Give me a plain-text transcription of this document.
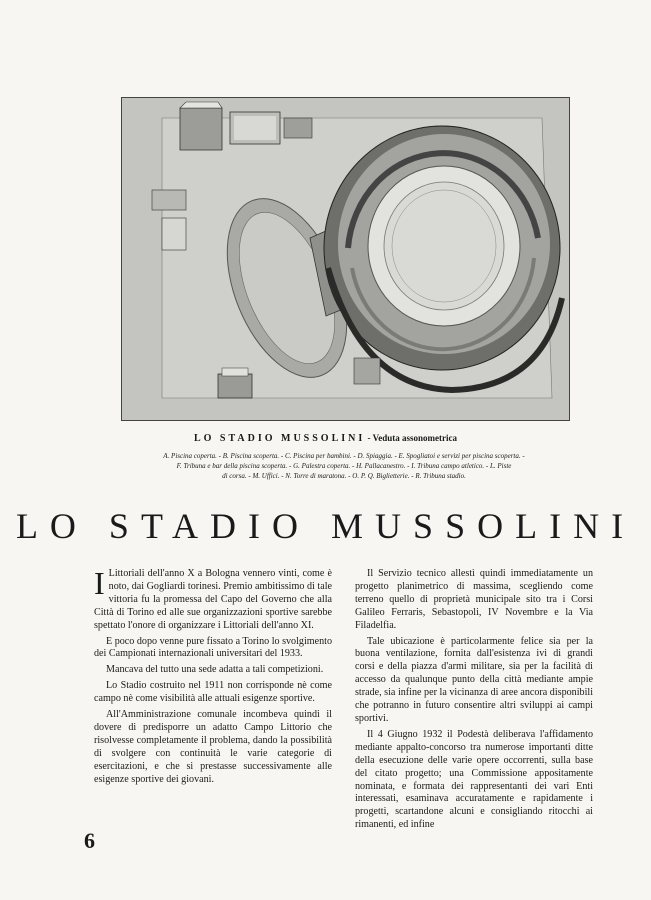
LO STADIO MUSSOLINI - Veduta assonometrica
A. Piscina coperta. - B. Piscina scoperta. - C. Piscina per bambini. - D. Spiaggia. - E. Spogliatoi e servizi per piscina scoperta. -
F. Tribuna e bar della piscina scoperta. - G. Palestra coperta. - H. Pallacanestro. - I. Tribuna campo atletico. - L. Piste
di corsa. - M. Uffici. - N. Torre di maratona. - O. P. Q. Biglietterie. - R. Tribuna stadio.
LO STADIO MUSSOLINI

I Littoriali dell'anno X a Bologna vennero vinti, come è noto, dai Gogliardi torinesi. Premio ambitissimo di tale vittoria fu la promessa del Capo del Governo che alla Città di Torino ed alle sue organizzazioni sportive sarebbe spettato l'onore di organizzare i Littoriali dell'anno XI.

E poco dopo venne pure fissato a Torino lo svolgimento dei Campionati internazionali universitari del 1933.

Mancava del tutto una sede adatta a tali competizioni.

Lo Stadio costruito nel 1911 non corrisponde nè come campo nè come visibilità alle attuali esigenze sportive.

All'Amministrazione comunale incombeva quindi il dovere di predisporre un adatto Campo Littorio che risolvesse completamente il problema, dando la possibilità di svolgere con continuità le varie categorie di esercitazioni, e che si prestasse successivamente alle esigenze sportive dei giovani.

Il Servizio tecnico allestì quindi immediatamente un progetto planimetrico di massima, scegliendo come terreno quello di proprietà municipale sito tra i Corsi Galileo Ferraris, Sebastopoli, IV Novembre e la Via Filadelfia.

Tale ubicazione è particolarmente felice sia per la buona ventilazione, fornita dall'esistenza ivi di grandi corsi e della piazza d'armi militare, sia per la facilità di accesso da qualunque punto della città mediante ampie strade, sia infine per la vicinanza di aree ancora disponibili che potranno in futuro consentire altri sviluppi ai campi sportivi.

Il 4 Giugno 1932 il Podestà deliberava l'affidamento mediante appalto-concorso tra numerose importanti ditte della esecuzione delle varie opere occorrenti, sulla base del citato progetto; una Commissione appositamente nominata, e formata dei rappresentanti dei vari Enti interessati, esaminava accuratamente e rapidamente i progetti, scartandone alcuni e consigliando ritocchi ai rimanenti, ed infine

6
